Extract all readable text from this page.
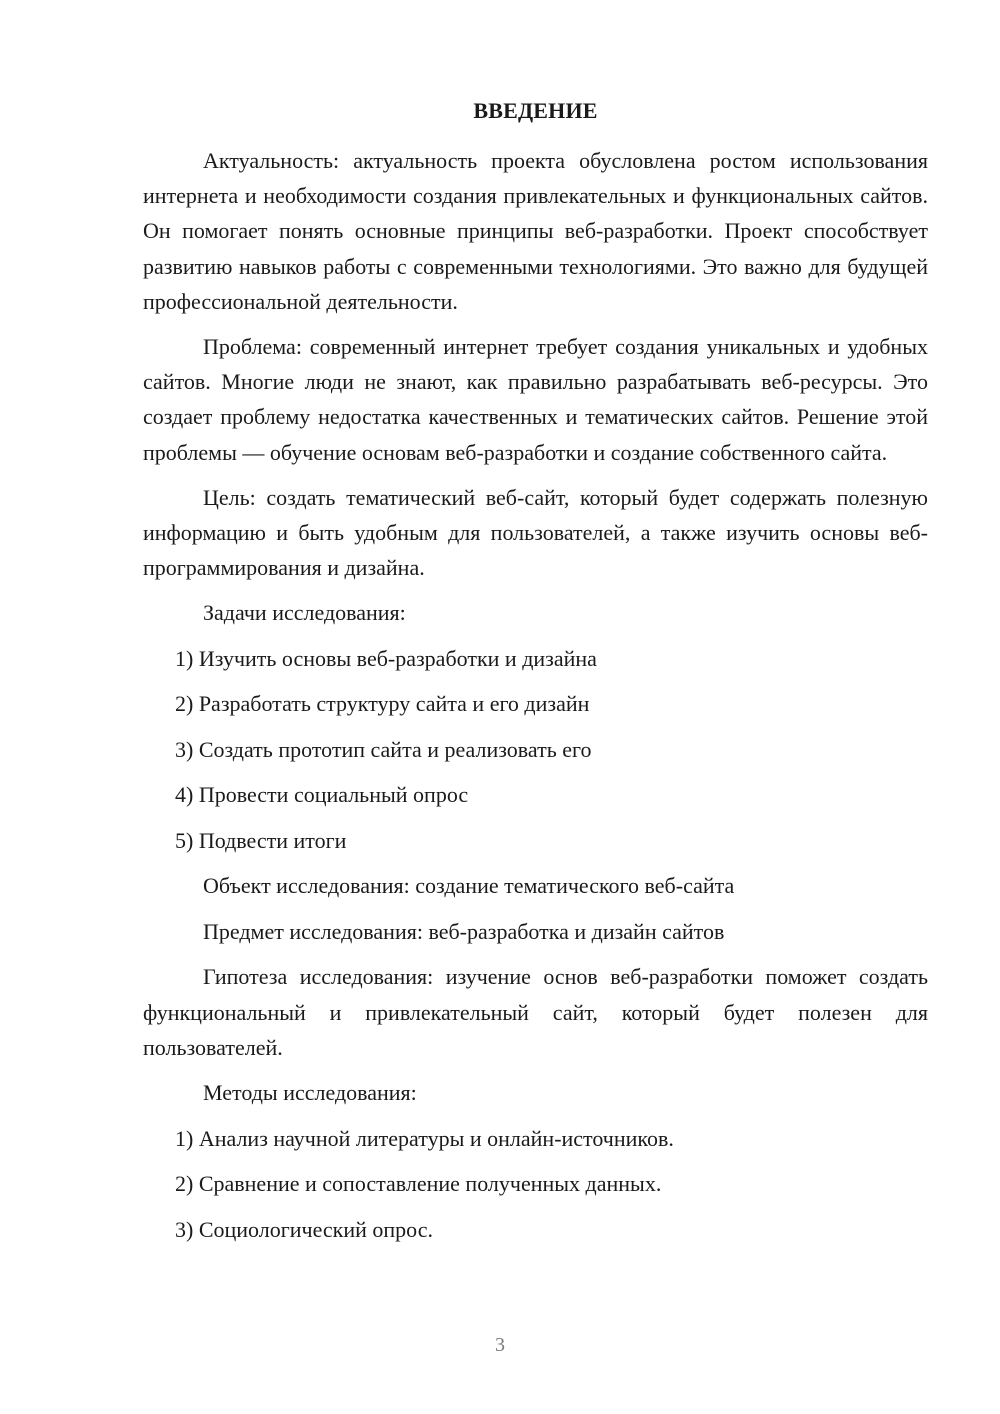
ВВЕДЕНИЕ

Актуальность: актуальность проекта обусловлена ростом использования интернета и необходимости создания привлекательных и функциональных сайтов. Он помогает понять основные принципы веб-разработки. Проект способствует развитию навыков работы с современными технологиями. Это важно для будущей профессиональной деятельности.

Проблема: современный интернет требует создания уникальных и удобных сайтов. Многие люди не знают, как правильно разрабатывать веб-ресурсы. Это создает проблему недостатка качественных и тематических сайтов. Решение этой проблемы — обучение основам веб-разработки и создание собственного сайта.

Цель: создать тематический веб-сайт, который будет содержать полезную информацию и быть удобным для пользователей, а также изучить основы веб-программирования и дизайна.

Задачи исследования:
1) Изучить основы веб-разработки и дизайна
2) Разработать структуру сайта и его дизайн
3) Создать прототип сайта и реализовать его
4) Провести социальный опрос
5) Подвести итоги
Объект исследования: создание тематического веб-сайта
Предмет исследования: веб-разработка и дизайн сайтов

Гипотеза исследования: изучение основ веб-разработки поможет создать функциональный и привлекательный сайт, который будет полезен для пользователей.

Методы исследования:
1) Анализ научной литературы и онлайн-источников.
2) Сравнение и сопоставление полученных данных.
3) Социологический опрос.
3
